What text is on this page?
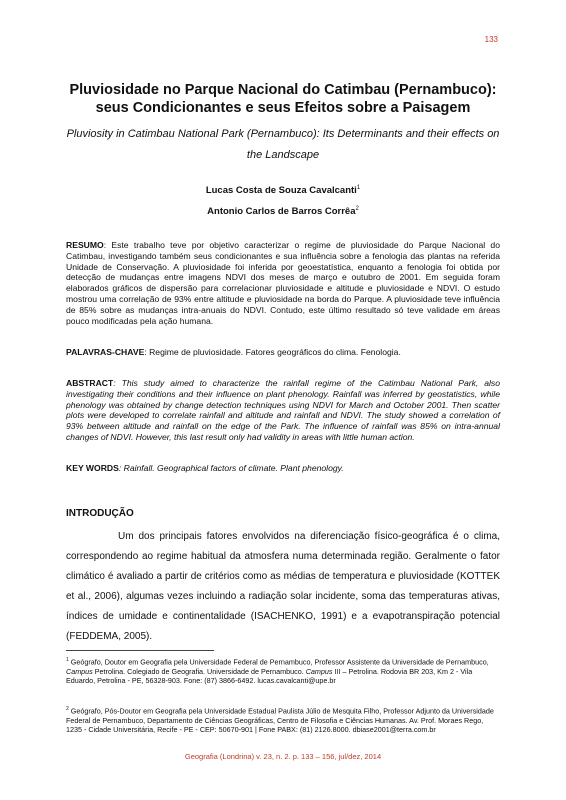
133
Pluviosidade no Parque Nacional do Catimbau (Pernambuco): seus Condicionantes e seus Efeitos sobre a Paisagem
Pluviosity in Catimbau National Park (Pernambuco): Its Determinants and their effects on the Landscape
Lucas Costa de Souza Cavalcanti$^1$
Antonio Carlos de Barros Corrêa$^2$
RESUMO: Este trabalho teve por objetivo caracterizar o regime de pluviosidade do Parque Nacional do Catimbau, investigando também seus condicionantes e sua influência sobre a fenologia das plantas na referida Unidade de Conservação. A pluviosidade foi inferida por geoestatística, enquanto a fenologia foi obtida por detecção de mudanças entre imagens NDVI dos meses de março e outubro de 2001. Em seguida foram elaborados gráficos de dispersão para correlacionar pluviosidade e altitude e pluviosidade e NDVI. O estudo mostrou uma correlação de 93% entre altitude e pluviosidade na borda do Parque. A pluviosidade teve influência de 85% sobre as mudanças intra-anuais do NDVI. Contudo, este último resultado só teve validade em áreas pouco modificadas pela ação humana.
PALAVRAS-CHAVE: Regime de pluviosidade. Fatores geográficos do clima. Fenologia.
ABSTRACT: This study aimed to characterize the rainfall regime of the Catimbau National Park, also investigating their conditions and their influence on plant phenology. Rainfall was inferred by geostatistics, while phenology was obtained by change detection techniques using NDVI for March and October 2001. Then scatter plots were developed to correlate rainfall and altitude and rainfall and NDVI. The study showed a correlation of 93% between altitude and rainfall on the edge of the Park. The influence of rainfall was 85% on intra-annual changes of NDVI. However, this last result only had validity in areas with little human action.
KEY WORDS: Rainfall. Geographical factors of climate. Plant phenology.
INTRODUÇÃO
Um dos principais fatores envolvidos na diferenciação físico-geográfica é o clima, correspondendo ao regime habitual da atmosfera numa determinada região. Geralmente o fator climático é avaliado a partir de critérios como as médias de temperatura e pluviosidade (KOTTEK et al., 2006), algumas vezes incluindo a radiação solar incidente, soma das temperaturas ativas, índices de umidade e continentalidade (ISACHENKO, 1991) e a evapotranspiração potencial (FEDDEMA, 2005).
$^1$ Geógrafo, Doutor em Geografia pela Universidade Federal de Pernambuco, Professor Assistente da Universidade de Pernambuco, Campus Petrolina. Colegiado de Geografia. Universidade de Pernambuco. Campus III – Petrolina. Rodovia BR 203, Km 2 - Vila Eduardo, Petrolina - PE, 56328-903. Fone: (87) 3866-6492. lucas.cavalcanti@upe.br
$^2$ Geógrafo, Pós-Doutor em Geografia pela Universidade Estadual Paulista Júlio de Mesquita Filho, Professor Adjunto da Universidade Federal de Pernambuco, Departamento de Ciências Geográficas, Centro de Filosofia e Ciências Humanas. Av. Prof. Moraes Rego, 1235 - Cidade Universitária, Recife - PE - CEP: 50670-901 | Fone PABX: (81) 2126.8000. dbiase2001@terra.com.br
Geografia (Londrina) v. 23, n. 2. p. 133 – 156, jul/dez, 2014
